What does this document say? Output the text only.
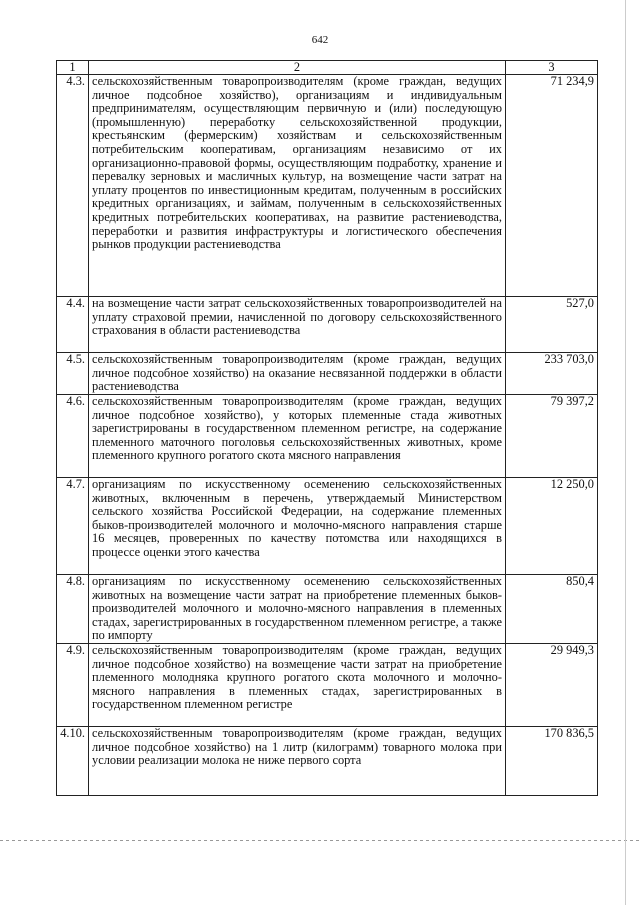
642
1	2	3
4.3.	сельскохозяйственным товаропроизводителям (кроме граждан, ведущих личное подсобное хозяйство), организациям и индивидуальным предпринимателям, осуществляющим первичную и (или) последующую (промышленную) переработку сельскохозяйственной продукции, крестьянским (фермерским) хозяйствам и сельскохозяйственным потребительским кооперативам, организациям независимо от их организационно-правовой формы, осуществляющим подработку, хранение и перевалку зерновых и масличных культур, на возмещение части затрат на уплату процентов по инвестиционным кредитам, полученным в российских кредитных организациях, и займам, полученным в сельскохозяйственных кредитных потребительских кооперативах, на развитие растениеводства, переработки и развития инфраструктуры и логистического обеспечения рынков продукции растениеводства	71 234,9
4.4.	на возмещение части затрат сельскохозяйственных товаропроизводителей на уплату страховой премии, начисленной по договору сельскохозяйственного страхования в области растениеводства	527,0
4.5.	сельскохозяйственным товаропроизводителям (кроме граждан, ведущих личное подсобное хозяйство) на оказание несвязанной поддержки в области растениеводства	233 703,0
4.6.	сельскохозяйственным товаропроизводителям (кроме граждан, ведущих личное подсобное хозяйство), у которых племенные стада животных зарегистрированы в государственном племенном регистре, на содержание племенного маточного поголовья сельскохозяйственных животных, кроме племенного крупного рогатого скота мясного направления	79 397,2
4.7.	организациям по искусственному осеменению сельскохозяйственных животных, включенным в перечень, утверждаемый Министерством сельского хозяйства Российской Федерации, на содержание племенных быков-производителей молочного и молочно-мясного направления старше 16 месяцев, проверенных по качеству потомства или находящихся в процессе оценки этого качества	12 250,0
4.8.	организациям по искусственному осеменению сельскохозяйственных животных на возмещение части затрат на приобретение племенных быков-производителей молочного и молочно-мясного направления в племенных стадах, зарегистрированных в государственном племенном регистре, а также по импорту	850,4
4.9.	сельскохозяйственным товаропроизводителям (кроме граждан, ведущих личное подсобное хозяйство) на возмещение части затрат на приобретение племенного молодняка крупного рогатого скота молочного и молочно-мясного направления в племенных стадах, зарегистрированных в государственном племенном регистре	29 949,3
4.10.	сельскохозяйственным товаропроизводителям (кроме граждан, ведущих личное подсобное хозяйство) на 1 литр (килограмм) товарного молока при условии реализации молока не ниже первого сорта	170 836,5
